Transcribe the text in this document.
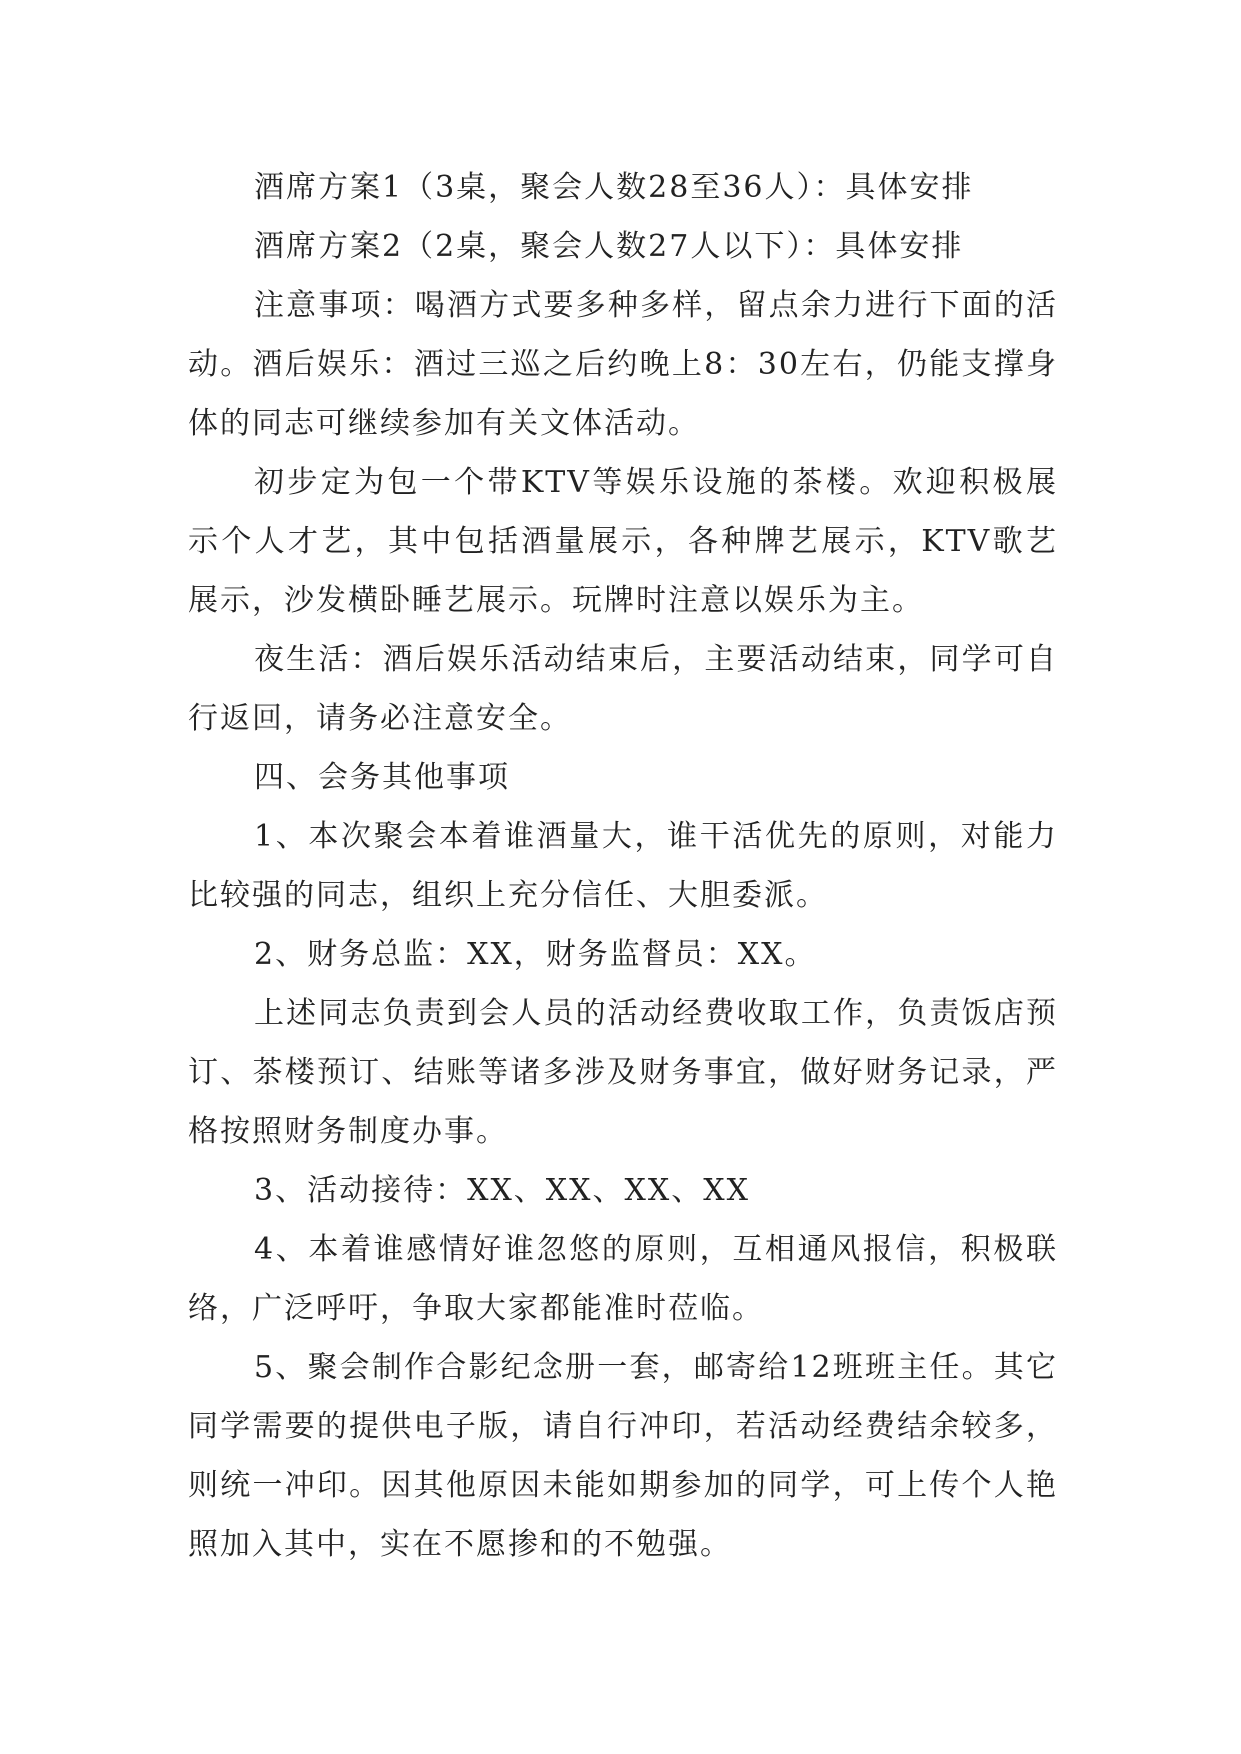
酒席方案1（3桌，聚会人数28至36人）：具体安排

酒席方案2（2桌，聚会人数27人以下）：具体安排

注意事项：喝酒方式要多种多样，留点余力进行下面的活动。酒后娱乐：酒过三巡之后约晚上8：30左右，仍能支撑身体的同志可继续参加有关文体活动。

初步定为包一个带KTV等娱乐设施的茶楼。欢迎积极展示个人才艺，其中包括酒量展示，各种牌艺展示，KTV歌艺展示，沙发横卧睡艺展示。玩牌时注意以娱乐为主。

夜生活：酒后娱乐活动结束后，主要活动结束，同学可自行返回，请务必注意安全。

四、会务其他事项

1、本次聚会本着谁酒量大，谁干活优先的原则，对能力比较强的同志，组织上充分信任、大胆委派。

2、财务总监：XX，财务监督员：XX。

上述同志负责到会人员的活动经费收取工作，负责饭店预订、茶楼预订、结账等诸多涉及财务事宜，做好财务记录，严格按照财务制度办事。

3、活动接待：XX、XX、XX、XX

4、本着谁感情好谁忽悠的原则，互相通风报信，积极联络，广泛呼吁，争取大家都能准时莅临。

5、聚会制作合影纪念册一套，邮寄给12班班主任。其它同学需要的提供电子版，请自行冲印，若活动经费结余较多，则统一冲印。因其他原因未能如期参加的同学，可上传个人艳照加入其中，实在不愿掺和的不勉强。
